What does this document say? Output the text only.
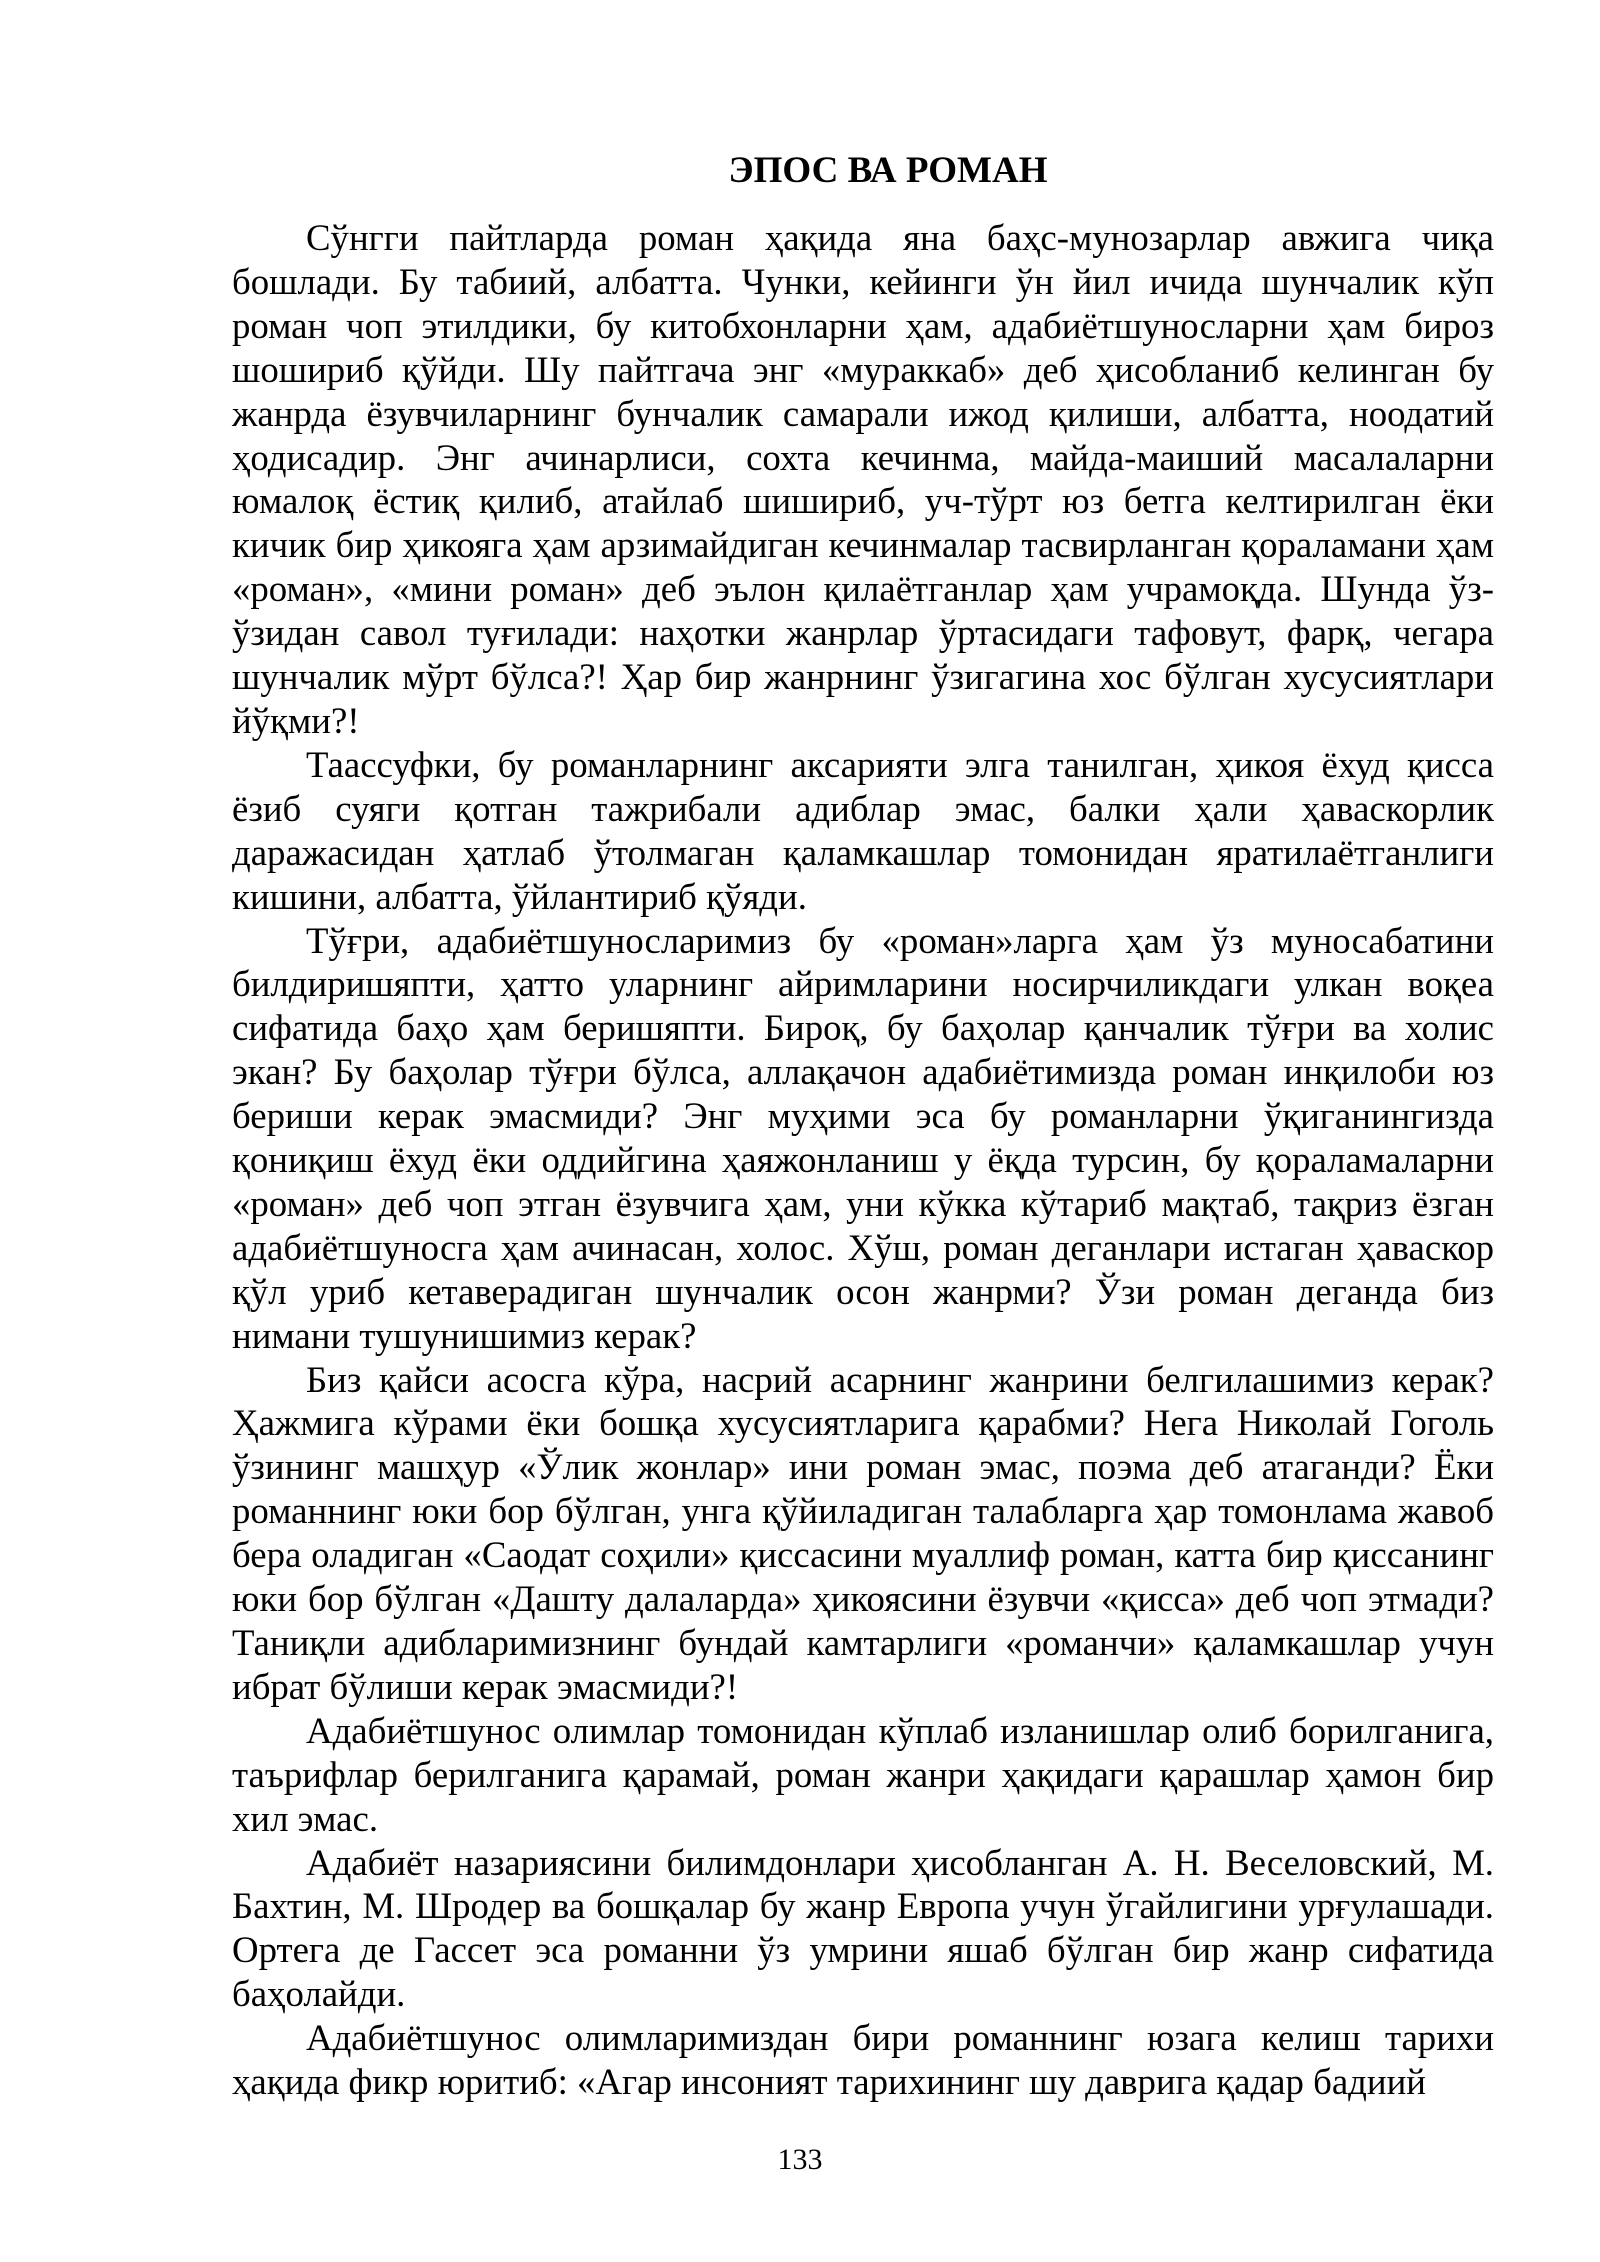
ЭПОС ВА РОМАН

Сўнгги пайтларда роман ҳақида яна баҳс-мунозарлар авжига чиқа бошлади. Бу табиий, албатта. Чунки, кейинги ўн йил ичида шунчалик кўп роман чоп этилдики, бу китобхонларни ҳам, адабиётшуносларни ҳам бироз шошириб қўйди. Шу пайтгача энг «мураккаб» деб ҳисобланиб келинган бу жанрда ёзувчиларнинг бунчалик самарали ижод қилиши, албатта, ноодатий ҳодисадир. Энг ачинарлиси, сохта кечинма, майда-маиший масалаларни юмалоқ ёстиқ қилиб, атайлаб шишириб, уч-тўрт юз бетга келтирилган ёки кичик бир ҳикояга ҳам арзимайдиган кечинмалар тасвирланган қораламани ҳам «роман», «мини роман» деб эълон қилаётганлар ҳам учрамоқда. Шунда ўз-ўзидан савол туғилади: наҳотки жанрлар ўртасидаги тафовут, фарқ, чегара шунчалик мўрт бўлса?! Ҳар бир жанрнинг ўзигагина хос бўлган хусусиятлари йўқми?!

Таассуфки, бу романларнинг аксарияти элга танилган, ҳикоя ёхуд қисса ёзиб суяги қотган тажрибали адиблар эмас, балки ҳали ҳаваскорлик даражасидан ҳатлаб ўтолмаган қаламкашлар томонидан яратилаётганлиги кишини, албатта, ўйлантириб қўяди.

Тўғри, адабиётшуносларимиз бу «роман»ларга ҳам ўз муносабатини билдиришяпти, ҳатто уларнинг айримларини носирчиликдаги улкан воқеа сифатида баҳо ҳам беришяпти. Бироқ, бу баҳолар қанчалик тўғри ва холис экан? Бу баҳолар тўғри бўлса, аллақачон адабиётимизда роман инқилоби юз бериши керак эмасмиди? Энг муҳими эса бу романларни ўқиганингизда қониқиш ёхуд ёки оддийгина ҳаяжонланиш у ёқда турсин, бу қораламаларни «роман» деб чоп этган ёзувчига ҳам, уни кўкка кўтариб мақтаб, тақриз ёзган адабиётшуносга ҳам ачинасан, холос. Хўш, роман деганлари истаган ҳаваскор қўл уриб кетаверадиган шунчалик осон жанрми? Ўзи роман деганда биз нимани тушунишимиз керак?

Биз қайси асосга кўра, насрий асарнинг жанрини белгилашимиз керак? Ҳажмига кўрами ёки бошқа хусусиятларига қарабми? Нега Николай Гоголь ўзининг машҳур «Ўлик жонлар» ини роман эмас, поэма деб атаганди? Ёки романнинг юки бор бўлган, унга қўйиладиган талабларга ҳар томонлама жавоб бера оладиган «Саодат соҳили» қиссасини муаллиф роман, катта бир қиссанинг юки бор бўлган «Дашту далаларда» ҳикоясини ёзувчи «қисса» деб чоп этмади? Таниқли адибларимизнинг бундай камтарлиги «романчи» қаламкашлар учун ибрат бўлиши керак эмасмиди?!

Адабиётшунос олимлар томонидан кўплаб изланишлар олиб борилганига, таърифлар берилганига қарамай, роман жанри ҳақидаги қарашлар ҳамон бир хил эмас.

Адабиёт назариясини билимдонлари ҳисобланган А. Н. Веселовский, М. Бахтин, М. Шродер ва бошқалар бу жанр Европа учун ўгайлигини урғулашади. Ортега де Гассет эса романни ўз умрини яшаб бўлган бир жанр сифатида баҳолайди.

Адабиётшунос олимларимиздан бири романнинг юзага келиш тарихи ҳақида фикр юритиб: «Агар инсоният тарихининг шу даврига қадар бадиий

133
